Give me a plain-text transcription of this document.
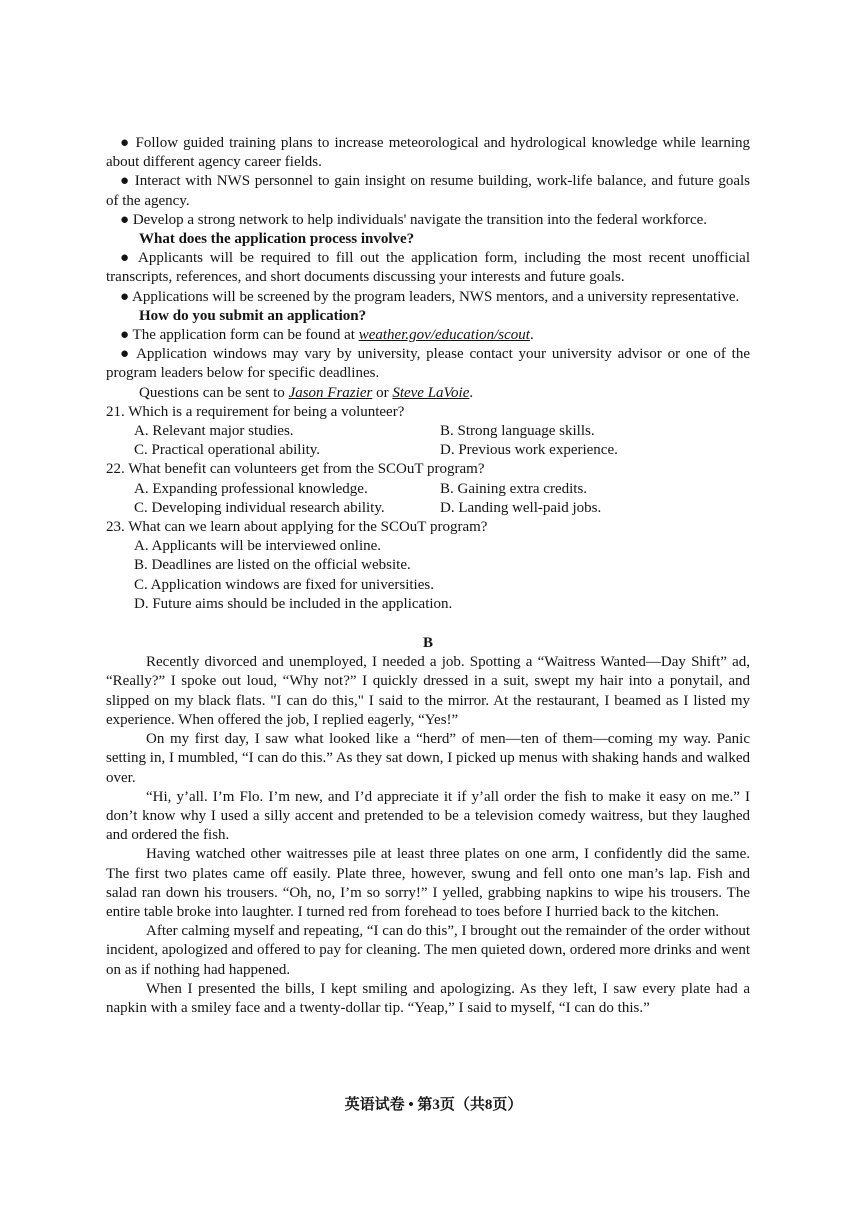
● Follow guided training plans to increase meteorological and hydrological knowledge while learning about different agency career fields.

● Interact with NWS personnel to gain insight on resume building, work-life balance, and future goals of the agency.

● Develop a strong network to help individuals' navigate the transition into the federal workforce.

What does the application process involve?

● Applicants will be required to fill out the application form, including the most recent unofficial transcripts, references, and short documents discussing your interests and future goals.

● Applications will be screened by the program leaders, NWS mentors, and a university representative.

How do you submit an application?

● The application form can be found at weather.gov/education/scout.

● Application windows may vary by university, please contact your university advisor or one of the program leaders below for specific deadlines.

Questions can be sent to Jason Frazier or Steve LaVoie.

21. Which is a requirement for being a volunteer?

A. Relevant major studies.	B. Strong language skills.
C. Practical operational ability.	D. Previous work experience.

22. What benefit can volunteers get from the SCOuT program?

A. Expanding professional knowledge.	B. Gaining extra credits.
C. Developing individual research ability.	D. Landing well-paid jobs.

23. What can we learn about applying for the SCOuT program?

A. Applicants will be interviewed online.

B. Deadlines are listed on the official website.

C. Application windows are fixed for universities.

D. Future aims should be included in the application.

B

Recently divorced and unemployed, I needed a job. Spotting a “Waitress Wanted—Day Shift” ad, “Really?” I spoke out loud, “Why not?” I quickly dressed in a suit, swept my hair into a ponytail, and slipped on my black flats. "I can do this," I said to the mirror. At the restaurant, I beamed as I listed my experience. When offered the job, I replied eagerly, “Yes!”

On my first day, I saw what looked like a “herd” of men—ten of them—coming my way. Panic setting in, I mumbled, “I can do this.” As they sat down, I picked up menus with shaking hands and walked over.

“Hi, y’all. I’m Flo. I’m new, and I’d appreciate it if y’all order the fish to make it easy on me.” I don’t know why I used a silly accent and pretended to be a television comedy waitress, but they laughed and ordered the fish.

Having watched other waitresses pile at least three plates on one arm, I confidently did the same. The first two plates came off easily. Plate three, however, swung and fell onto one man’s lap. Fish and salad ran down his trousers. “Oh, no, I’m so sorry!” I yelled, grabbing napkins to wipe his trousers. The entire table broke into laughter. I turned red from forehead to toes before I hurried back to the kitchen.

After calming myself and repeating, “I can do this”, I brought out the remainder of the order without incident, apologized and offered to pay for cleaning. The men quieted down, ordered more drinks and went on as if nothing had happened.

When I presented the bills, I kept smiling and apologizing. As they left, I saw every plate had a napkin with a smiley face and a twenty-dollar tip. “Yeap,” I said to myself, “I can do this.”

英语试卷 • 第3页（共8页）
